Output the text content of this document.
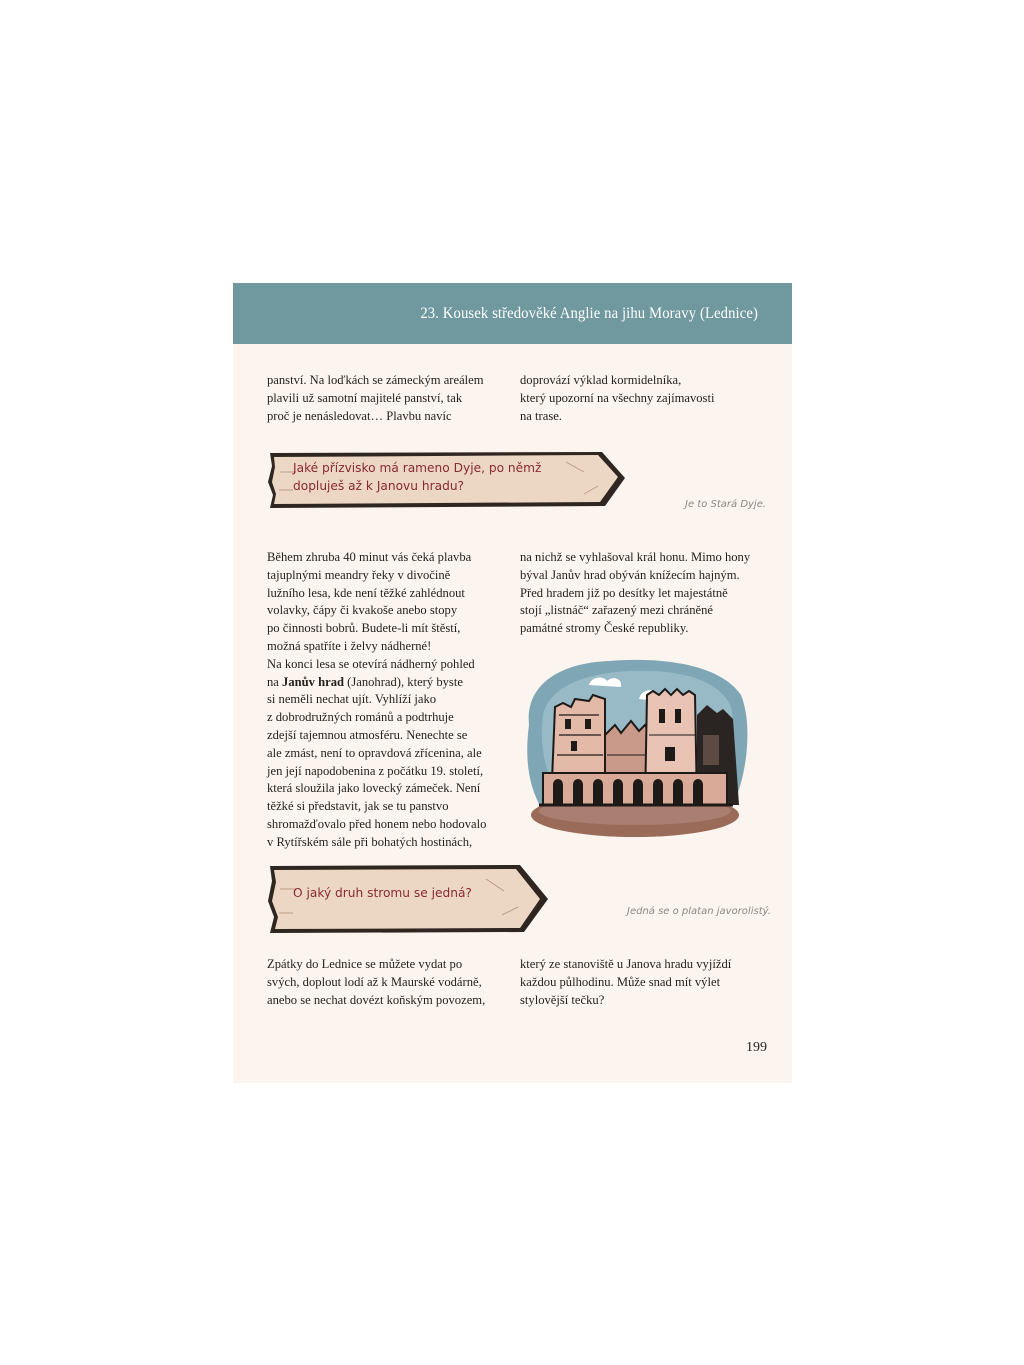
23. Kousek středověké Anglie na jihu Moravy (Lednice)

panství. Na loďkách se zámeckým areálem
plavili už samotní majitelé panství, tak
proč je nenásledovat… Plavbu navíc

doprovází výklad kormidelníka,
který upozorní na všechny zajímavosti
na trase.

Jaké přízvisko má rameno Dyje, po němž
dopluješ až k Janovu hradu?
Je to Stará Dyje.

Během zhruba 40 minut vás čeká plavba
tajuplnými meandry řeky v divočině
lužního lesa, kde není těžké zahlédnout
volavky, čápy či kvakoše anebo stopy
po činnosti bobrů. Budete-li mít štěstí,
možná spatříte i želvy nádherné!
Na konci lesa se otevírá nádherný pohled
na Janův hrad (Janohrad), který byste
si neměli nechat ujít. Vyhlíží jako
z dobrodružných románů a podtrhuje
zdejší tajemnou atmosféru. Nenechte se
ale zmást, není to opravdová zřícenina, ale
jen její napodobenina z počátku 19. století,
která sloužila jako lovecký zámeček. Není
těžké si představit, jak se tu panstvo
shromažďovalo před honem nebo hodovalo
v Rytířském sále při bohatých hostinách,

na nichž se vyhlašoval král honu. Mimo hony
býval Janův hrad obýván knížecím hajným.
Před hradem již po desítky let majestátně
stojí „listnáč“ zařazený mezi chráněné
památné stromy České republiky.

O jaký druh stromu se jedná?
Jedná se o platan javorolistý.

Zpátky do Lednice se můžete vydat po
svých, doplout lodí až k Maurské vodárně,
anebo se nechat dovézt koňským povozem,

který ze stanoviště u Janova hradu vyjíždí
každou půlhodinu. Může snad mít výlet
stylovější tečku?

199
